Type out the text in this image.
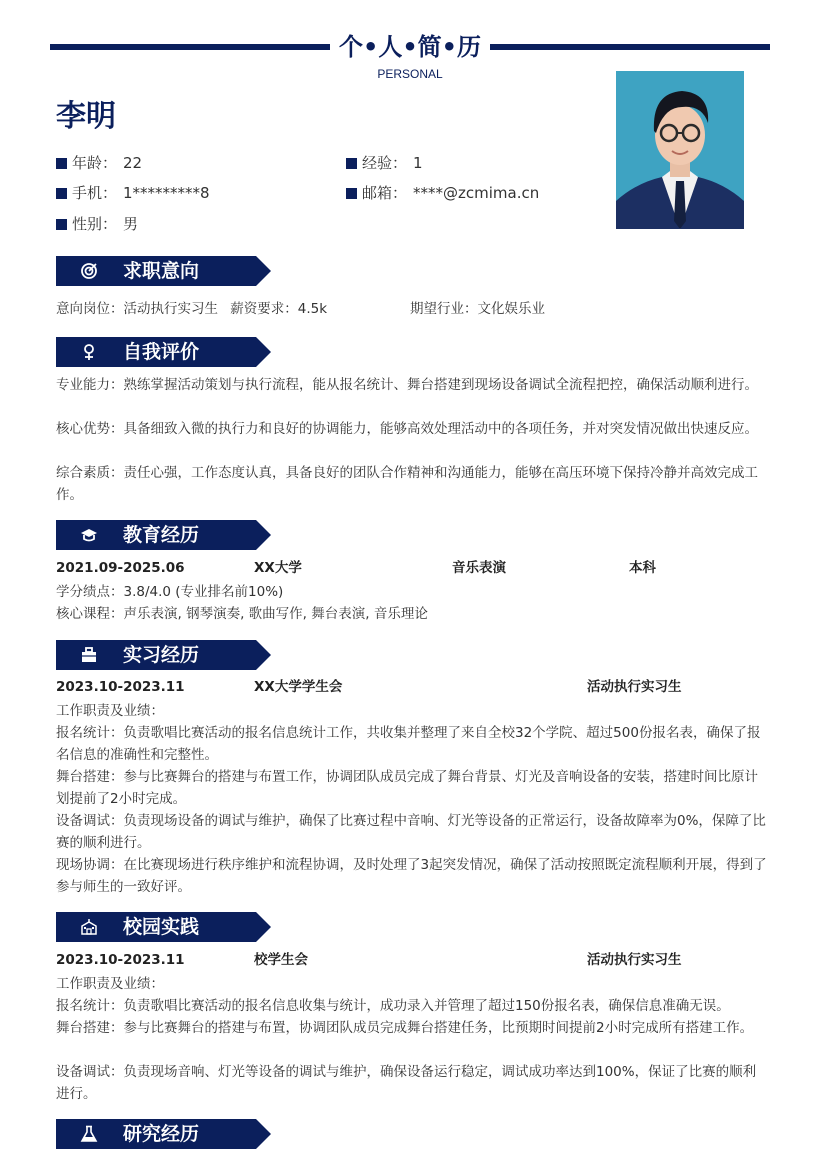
个•人•简•历
PERSONAL
李明
年龄： 22	经验： 1
手机： 1*********8	邮箱： ****@zcmima.cn
性别： 男
求职意向
意向岗位：活动执行实习生 薪资要求：4.5k	期望行业：文化娱乐业
自我评价
专业能力：熟练掌握活动策划与执行流程，能从报名统计、舞台搭建到现场设备调试全流程把控，确保活动顺利进行。
核心优势：具备细致入微的执行力和良好的协调能力，能够高效处理活动中的各项任务，并对突发情况做出快速反应。
综合素质：责任心强，工作态度认真，具备良好的团队合作精神和沟通能力，能够在高压环境下保持冷静并高效完成工作。
教育经历
2021.09-2025.06	XX大学	音乐表演	本科
学分绩点：3.8/4.0 (专业排名前10%)
核心课程：声乐表演, 钢琴演奏, 歌曲写作, 舞台表演, 音乐理论
实习经历
2023.10-2023.11	XX大学学生会	活动执行实习生
工作职责及业绩：
报名统计：负责歌唱比赛活动的报名信息统计工作，共收集并整理了来自全校32个学院、超过500份报名表，确保了报名信息的准确性和完整性。
舞台搭建：参与比赛舞台的搭建与布置工作，协调团队成员完成了舞台背景、灯光及音响设备的安装，搭建时间比原计划提前了2小时完成。
设备调试：负责现场设备的调试与维护，确保了比赛过程中音响、灯光等设备的正常运行，设备故障率为0%，保障了比赛的顺利进行。
现场协调：在比赛现场进行秩序维护和流程协调，及时处理了3起突发情况，确保了活动按照既定流程顺利开展，得到了参与师生的一致好评。
校园实践
2023.10-2023.11	校学生会	活动执行实习生
工作职责及业绩：
报名统计：负责歌唱比赛活动的报名信息收集与统计，成功录入并管理了超过150份报名表，确保信息准确无误。
舞台搭建：参与比赛舞台的搭建与布置，协调团队成员完成舞台搭建任务，比预期时间提前2小时完成所有搭建工作。
设备调试：负责现场音响、灯光等设备的调试与维护，确保设备运行稳定，调试成功率达到100%，保证了比赛的顺利进行。
研究经历
